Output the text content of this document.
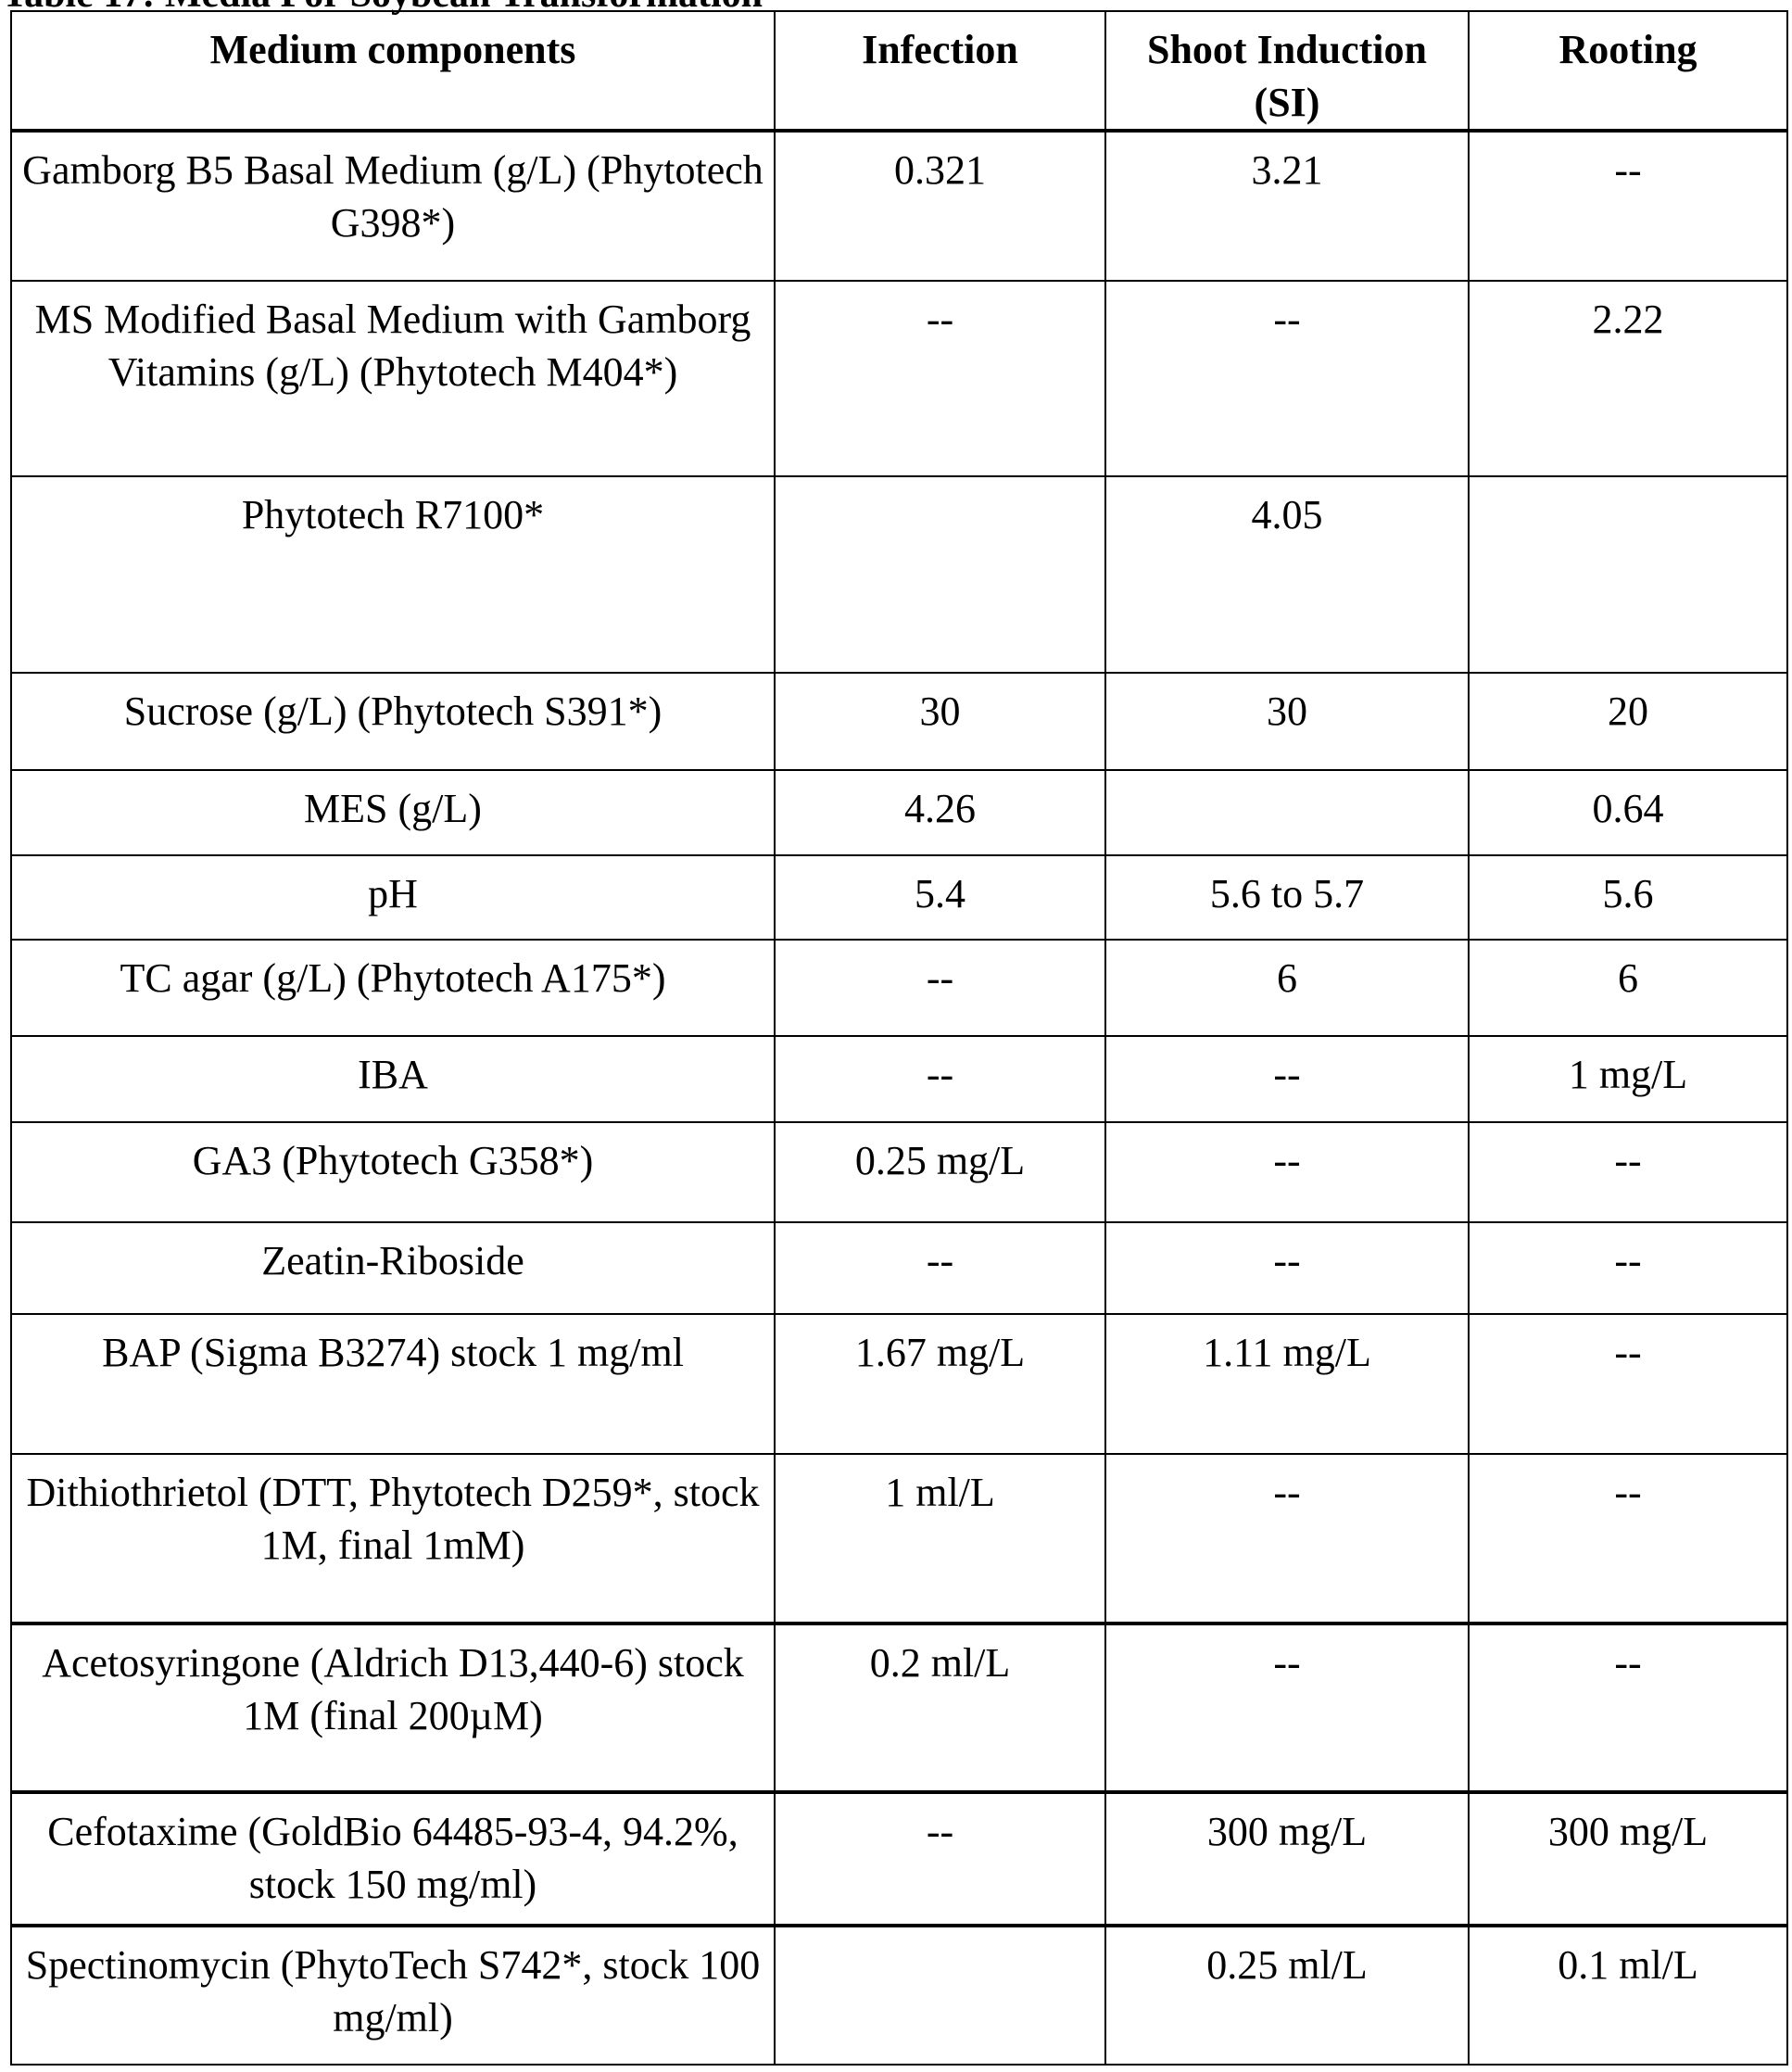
Medium components	Infection	Shoot Induction (SI)	Rooting
Gamborg B5 Basal Medium (g/L) (Phytotech G398*)	0.321	3.21	--
MS Modified Basal Medium with Gamborg Vitamins (g/L) (Phytotech M404*)	--	--	2.22
Phytotech R7100*		4.05	
Sucrose (g/L) (Phytotech S391*)	30	30	20
MES (g/L)	4.26		0.64
pH	5.4	5.6 to 5.7	5.6
TC agar (g/L) (Phytotech A175*)	--	6	6
IBA	--	--	1 mg/L
GA3 (Phytotech G358*)	0.25 mg/L	--	--
Zeatin-Riboside	--	--	--
BAP (Sigma B3274) stock 1 mg/ml	1.67 mg/L	1.11 mg/L	--
Dithiothrietol (DTT, Phytotech D259*, stock 1M, final 1mM)	1 ml/L	--	--
Acetosyringone (Aldrich D13,440-6) stock 1M (final 200µM)	0.2 ml/L	--	--
Cefotaxime (GoldBio 64485-93-4, 94.2%, stock 150 mg/ml)	--	300 mg/L	300 mg/L
Spectinomycin (PhytoTech S742*, stock 100 mg/ml)		0.25 ml/L	0.1 ml/L
